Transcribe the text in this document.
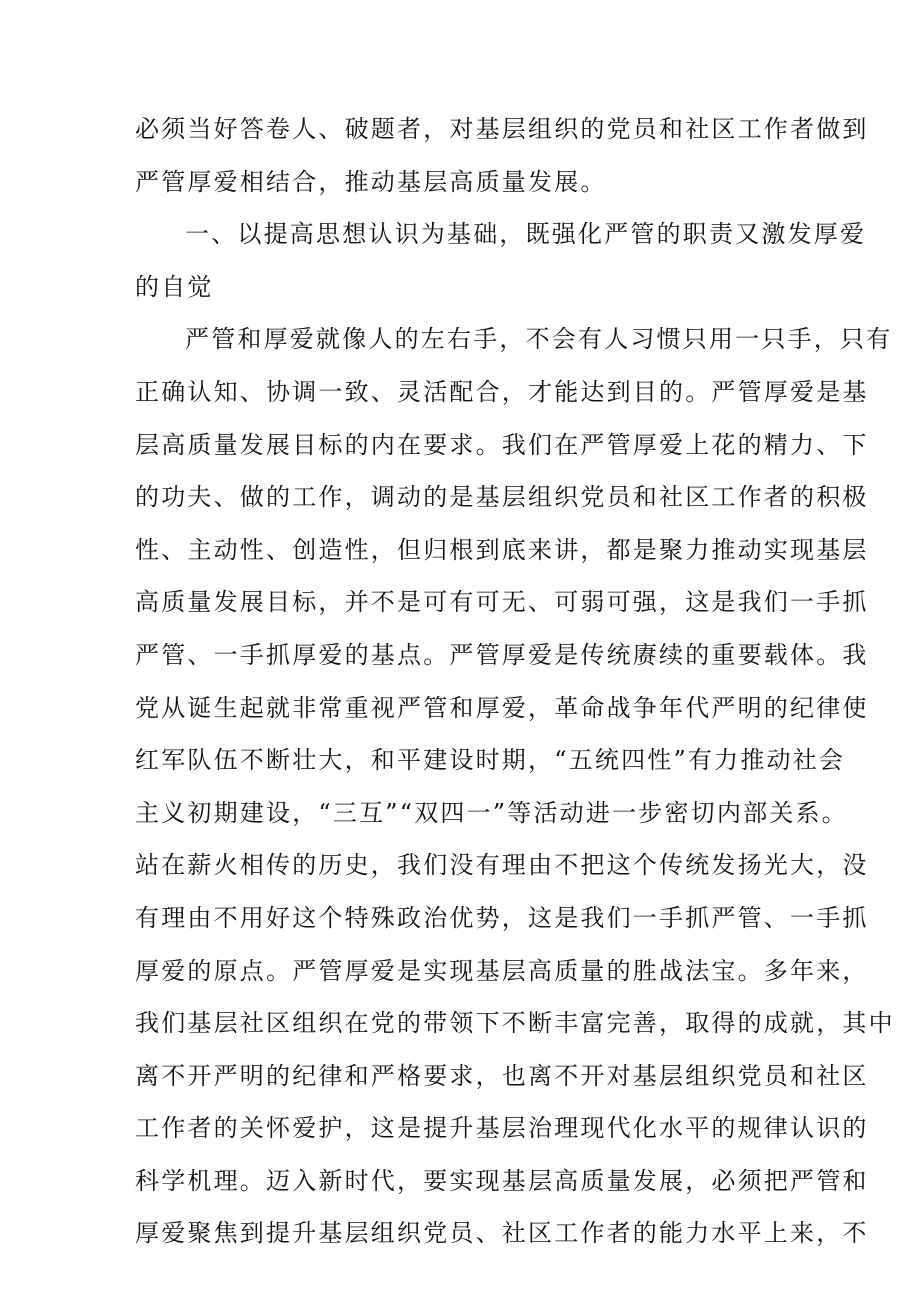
必须当好答卷人、破题者，对基层组织的党员和社区工作者做到
严管厚爱相结合，推动基层高质量发展。
一、以提高思想认识为基础，既强化严管的职责又激发厚爱
的自觉
严管和厚爱就像人的左右手，不会有人习惯只用一只手，只有
正确认知、协调一致、灵活配合，才能达到目的。严管厚爱是基
层高质量发展目标的内在要求。我们在严管厚爱上花的精力、下
的功夫、做的工作，调动的是基层组织党员和社区工作者的积极
性、主动性、创造性，但归根到底来讲，都是聚力推动实现基层
高质量发展目标，并不是可有可无、可弱可强，这是我们一手抓
严管、一手抓厚爱的基点。严管厚爱是传统赓续的重要载体。我
党从诞生起就非常重视严管和厚爱，革命战争年代严明的纪律使
红军队伍不断壮大，和平建设时期，“五统四性”有力推动社会
主义初期建设，“三互”“双四一”等活动进一步密切内部关系。
站在薪火相传的历史，我们没有理由不把这个传统发扬光大，没
有理由不用好这个特殊政治优势，这是我们一手抓严管、一手抓
厚爱的原点。严管厚爱是实现基层高质量的胜战法宝。多年来，
我们基层社区组织在党的带领下不断丰富完善，取得的成就，其中
离不开严明的纪律和严格要求，也离不开对基层组织党员和社区
工作者的关怀爱护，这是提升基层治理现代化水平的规律认识的
科学机理。迈入新时代，要实现基层高质量发展，必须把严管和
厚爱聚焦到提升基层组织党员、社区工作者的能力水平上来，不
